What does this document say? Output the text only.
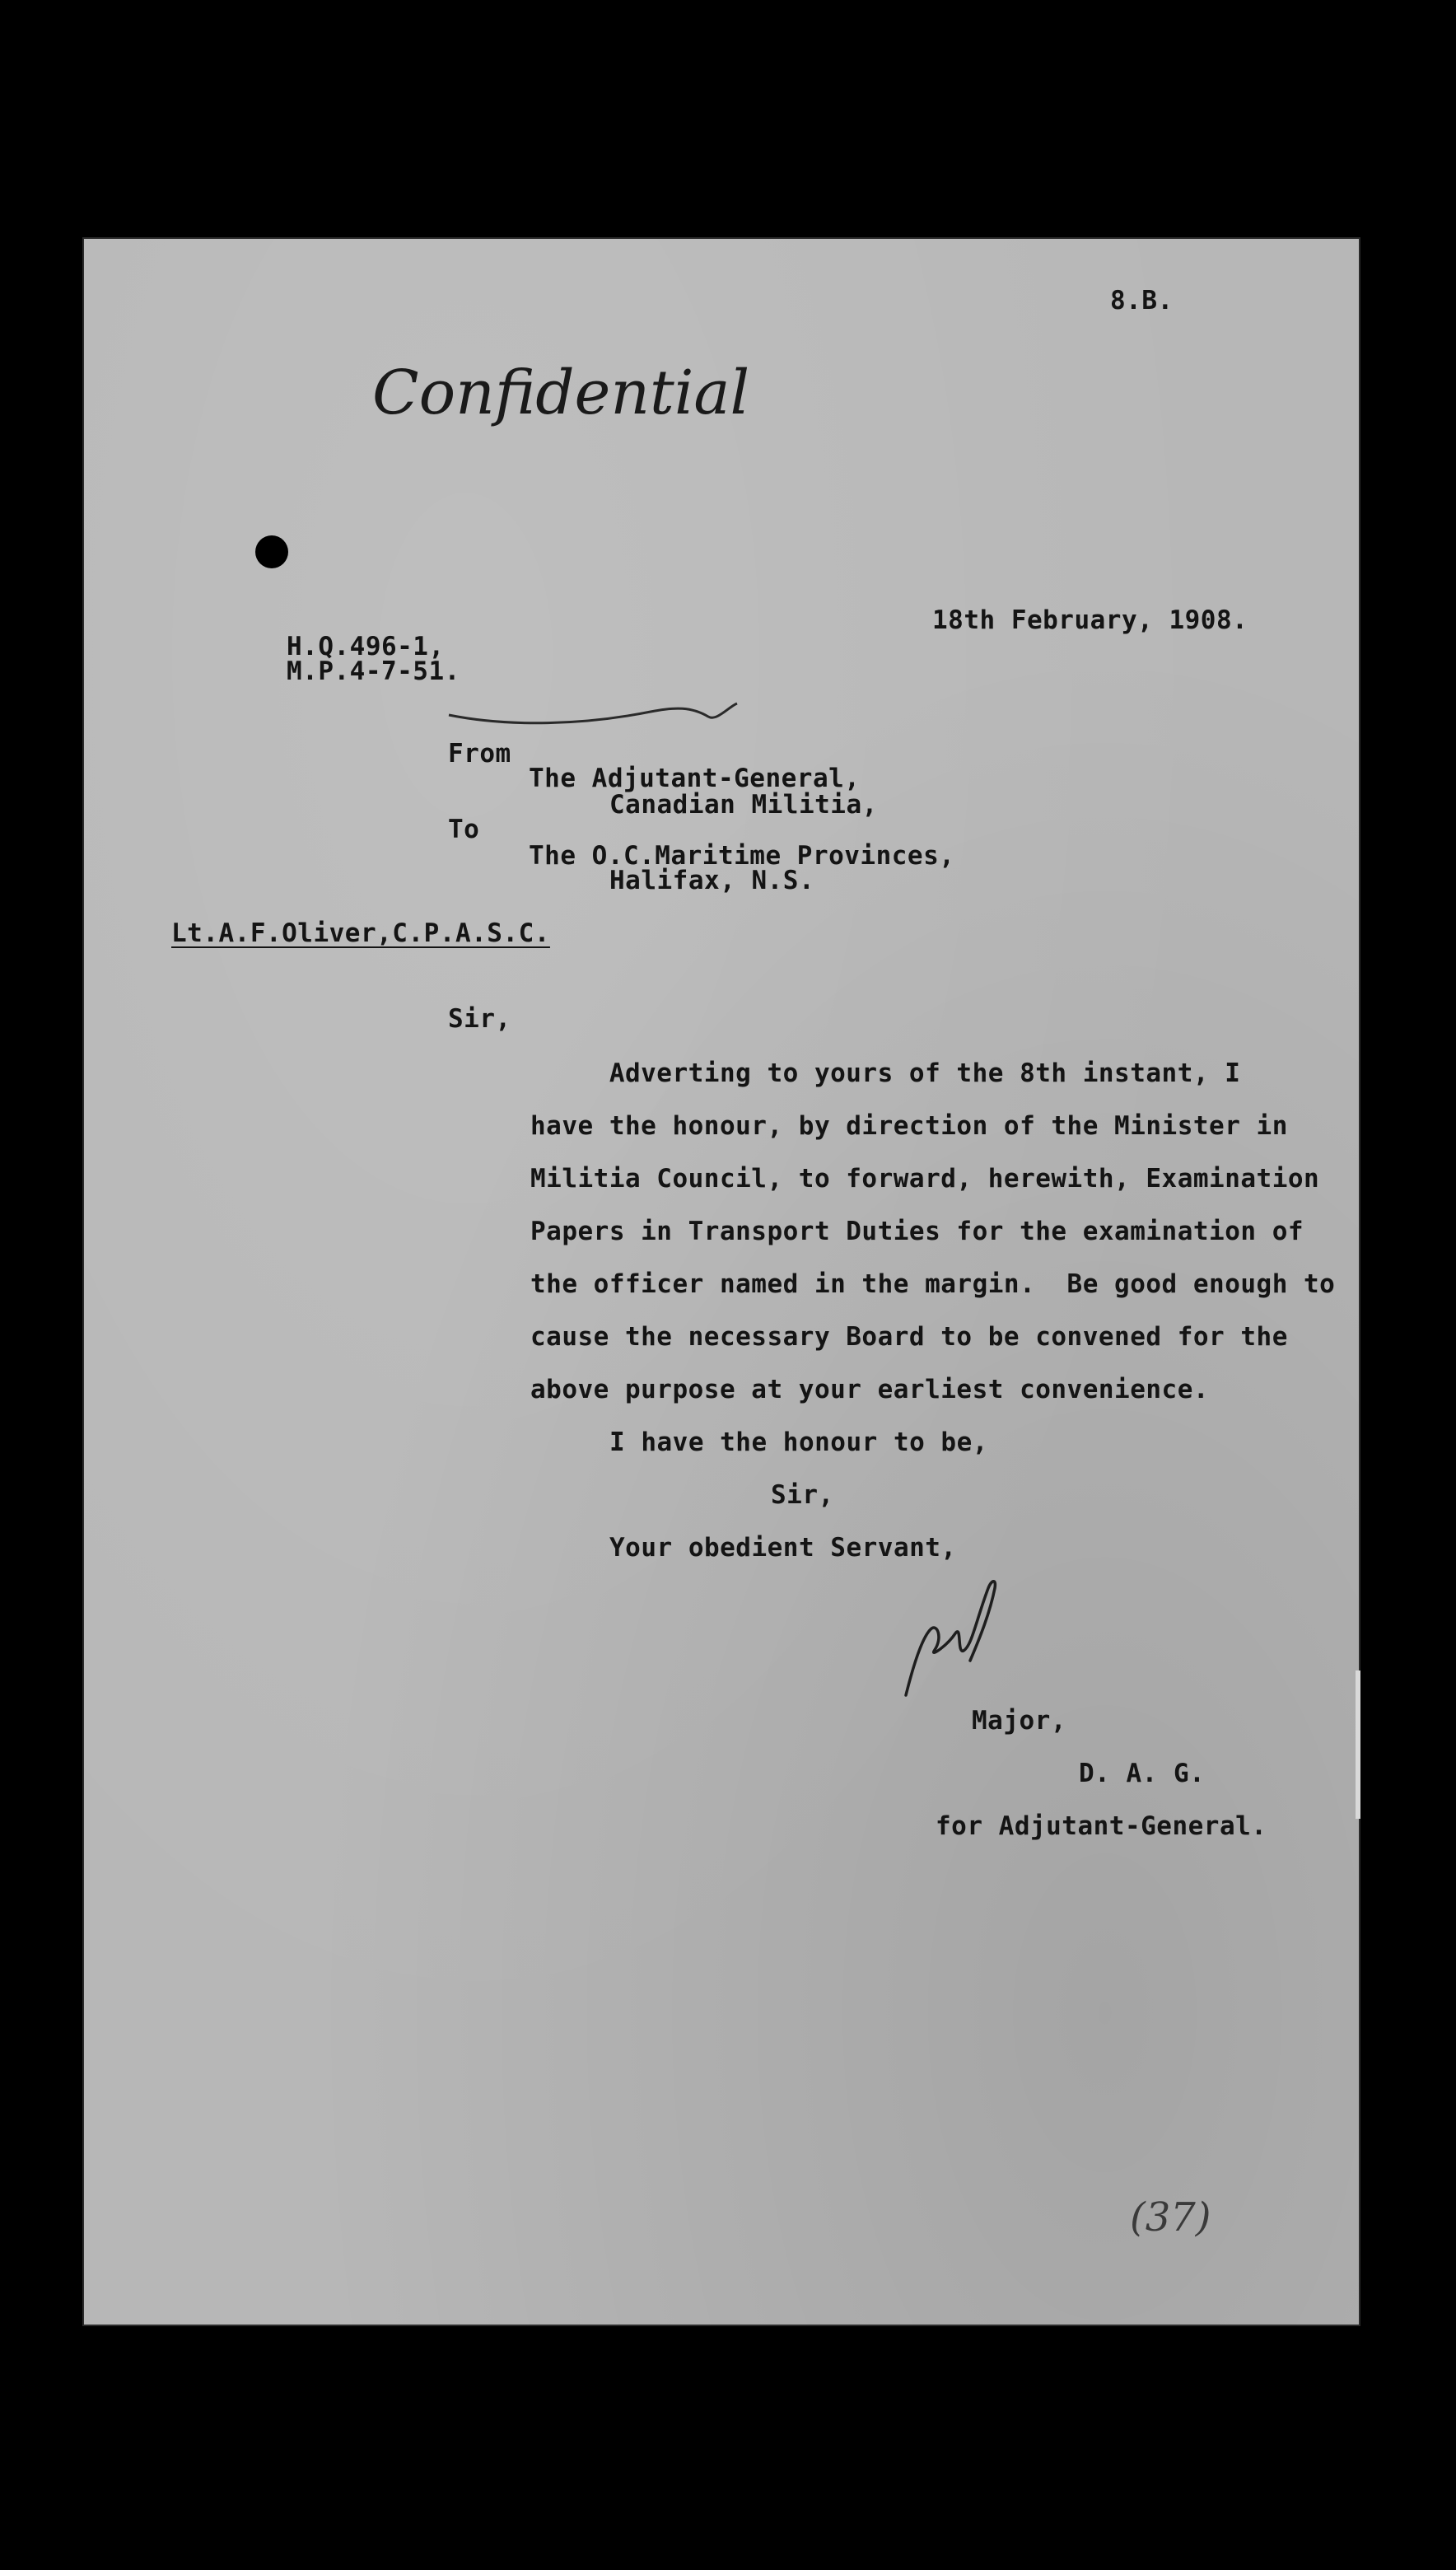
8.B.
Confidential
18th February, 1908.
H.Q.496-1,
M.P.4-7-51.
From
The Adjutant-General,
Canadian Militia,
To
The O.C.Maritime Provinces,
Halifax, N.S.
Lt.A.F.Oliver,C.P.A.S.C.
Sir,
Adverting to yours of the 8th instant, I
have the honour, by direction of the Minister in
Militia Council, to forward, herewith, Examination
Papers in Transport Duties for the examination of
the officer named in the margin.  Be good enough to
cause the necessary Board to be convened for the
above purpose at your earliest convenience.
I have the honour to be,
Sir,
Your obedient Servant,
Major,
D. A. G.
for Adjutant-General.
(37)
